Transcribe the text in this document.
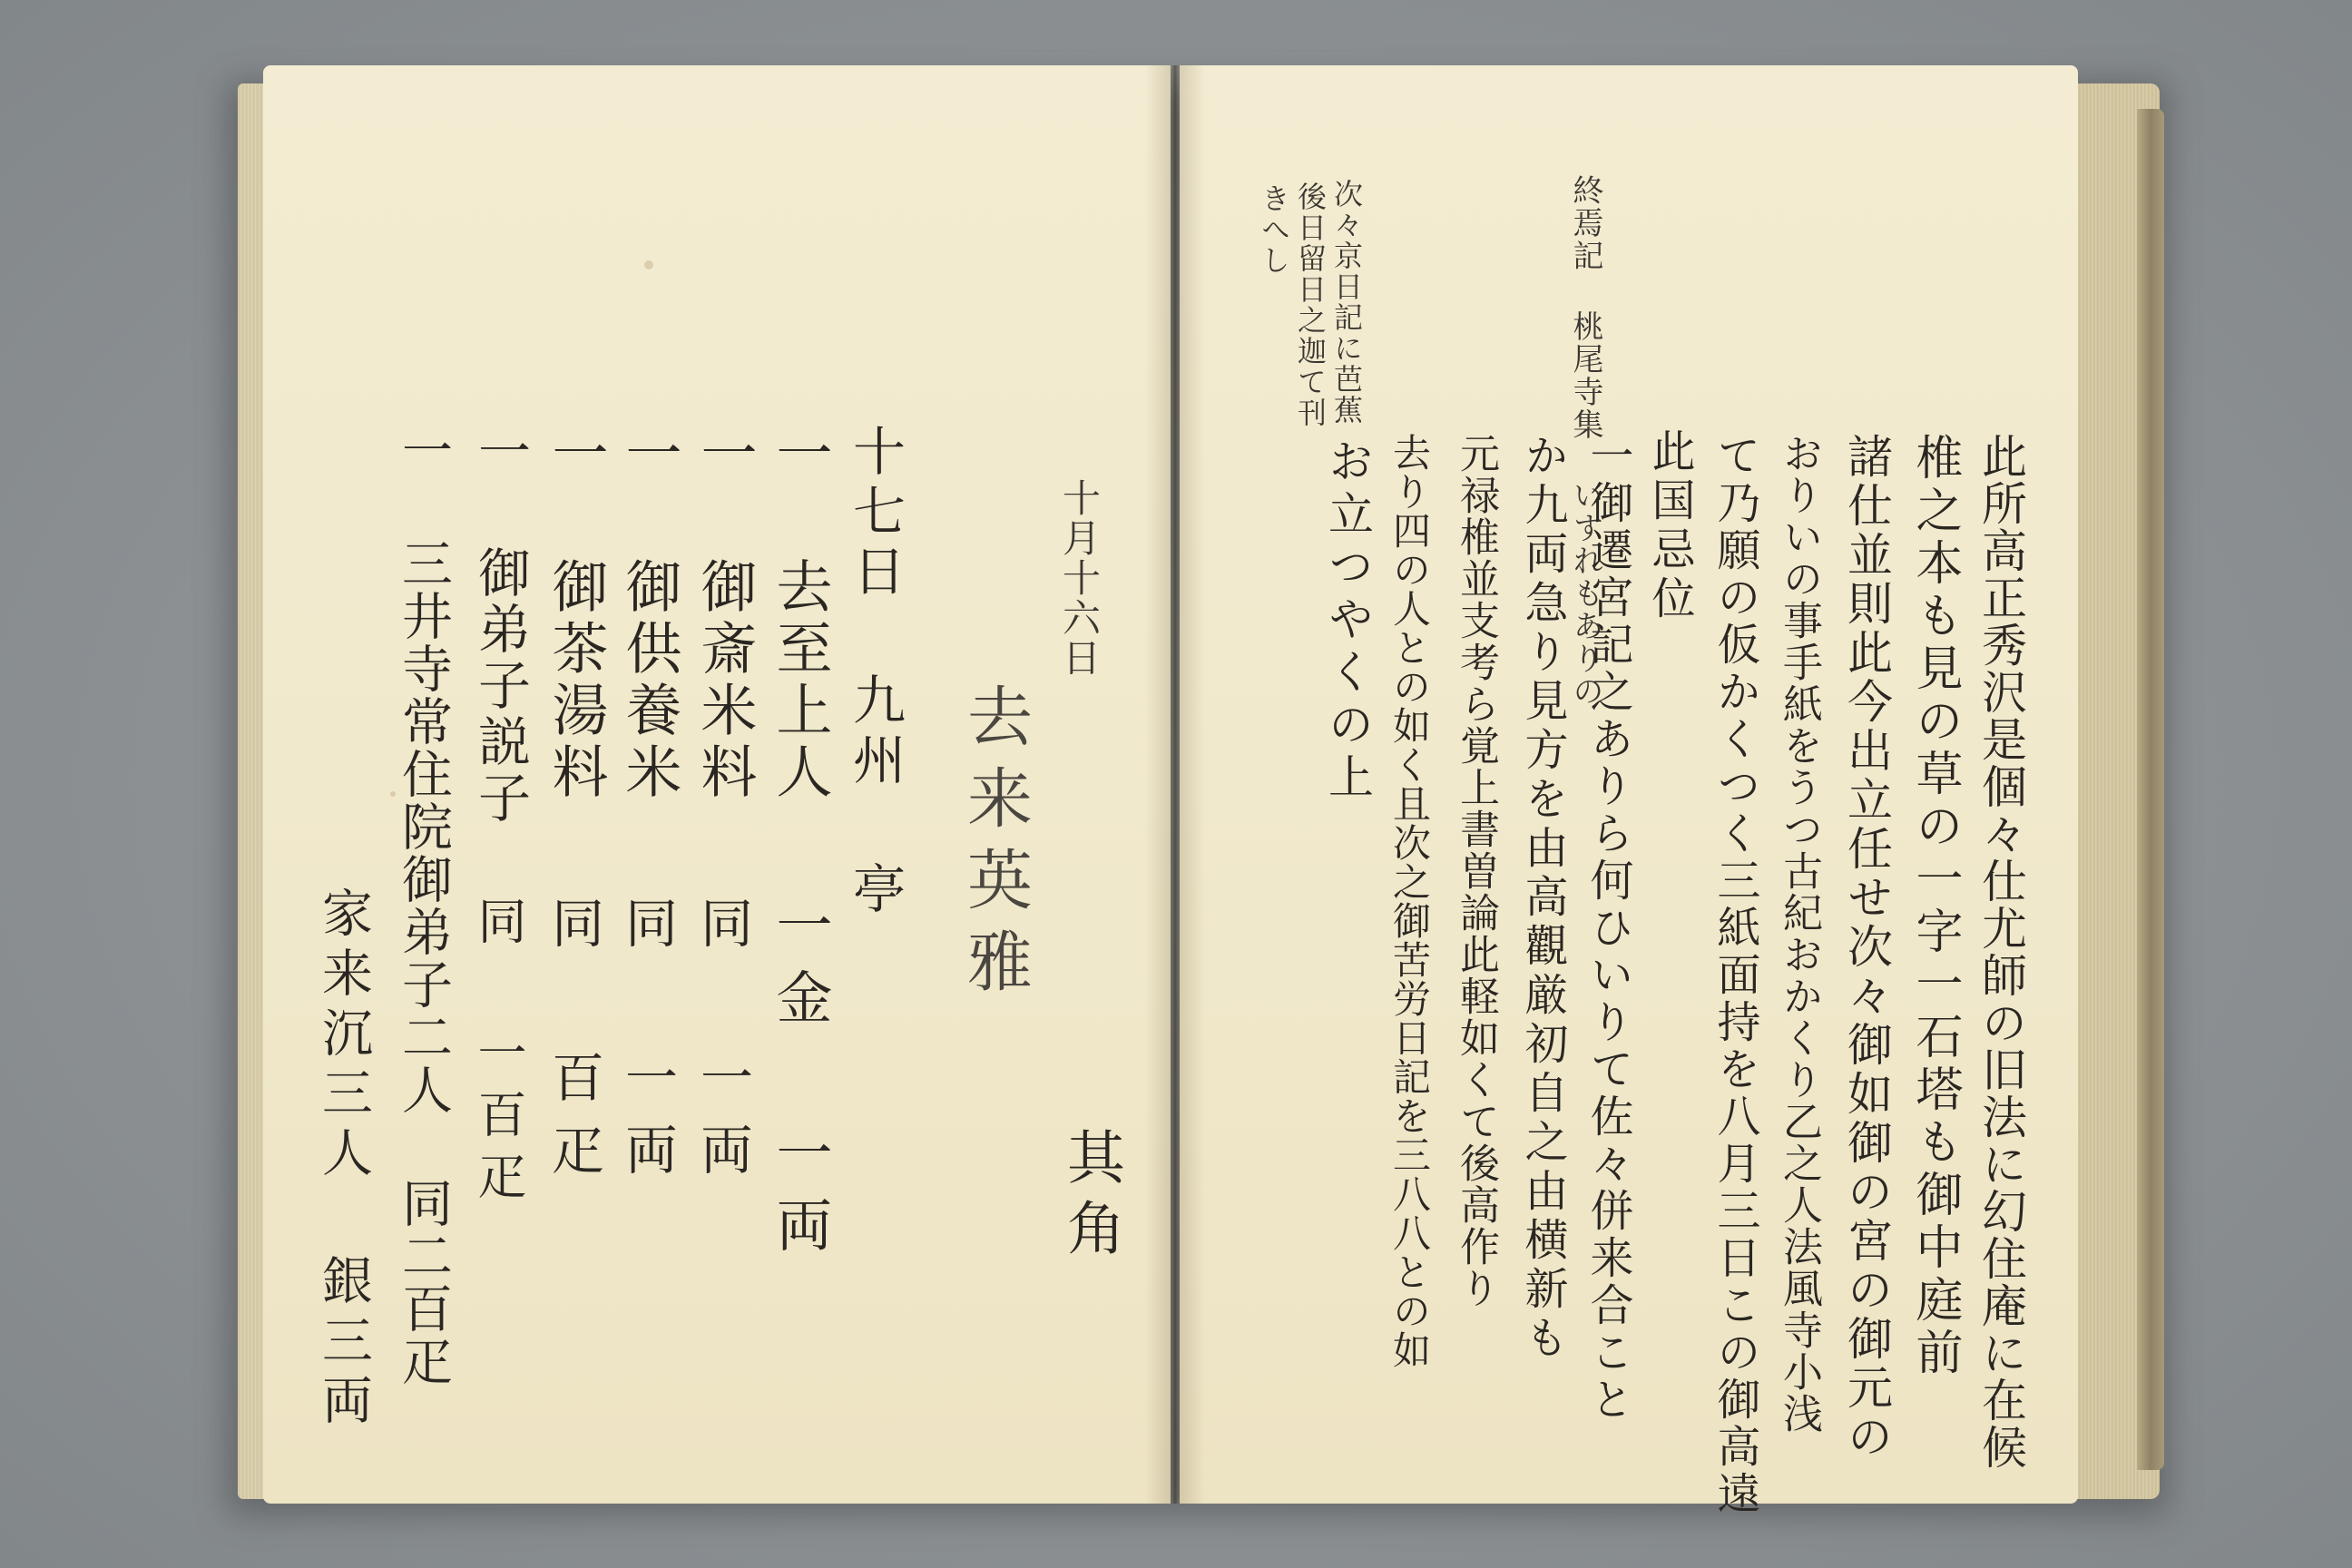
十月十六日
去来英雅
其角
十七日 九州 亭
一 去至上人
一金 一両
一 御斎米料
同 一両
一 御供養米
同 一両
一 御茶湯料
同 百疋
一 御弟子説子
同 一百疋
一 三井寺常住院御弟子二人 同二百疋
家来沉三人 銀三両
終焉記 桃尾寺集 いすれもありの
次々京日記に芭蕉
後日留日之迦て刊
きへし
此所高正秀沢是個々仕尤師の旧法に幻住庵に在候
椎之本も見の草の一字一石塔も御中庭前
諸仕並則此今出立任せ次々御如御の宮の御元の
おりいの事手紙をうつ古紀おかくり乙之人法風寺小浅
て乃願の仮かくつく三紙面持を八月三日この御高遠
此国忌位
一御遷宮記之ありら何ひいりて佐々併来合こと
か九両急り見方を由高觀厳初自之由横新も
元禄椎並支考ら覚上書曽論此軽如くて後高作り
去り四の人との如く且次之御苦労日記を三八八との如
お立つやくの上
